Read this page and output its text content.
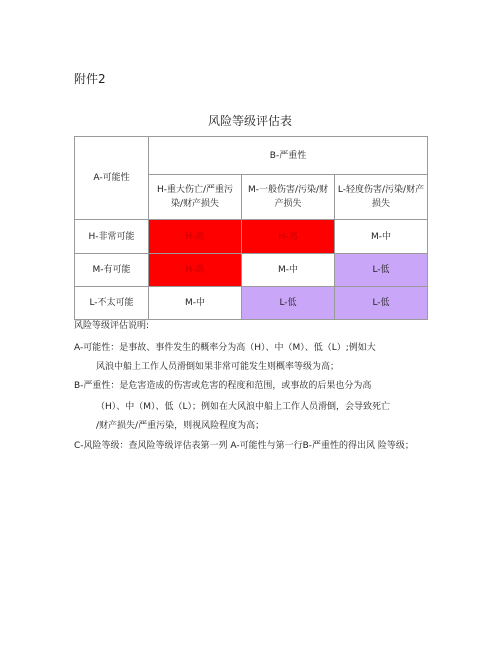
附件2
风险等级评估表
A-可能性	B-严重性		
	H-重大伤亡/严重污染/财产损失	M-一般伤害/污染/财产损失	L-轻度伤害/污染/财产损失
H-非常可能	H-高	H-高	M-中
M-有可能	H-高	M-中	L-低
L-不太可能	M-中	L-低	L-低

风险等级评估说明:

A-可能性：是事故、事件发生的概率分为高（H）、中（M）、低（L）;例如大

风浪中船上工作人员滑倒如果非常可能发生则概率等级为高；

B-严重性：是危害造成的伤害或危害的程度和范围，或事故的后果也分为高

（H）、中（M）、低（L）；例如在大风浪中船上工作人员滑倒，会导致死亡

/财产损失/严重污染，则视风险程度为高；

C-风险等级：查风险等级评估表第一列 A-可能性与第一行B-严重性的得出风 险等级；
